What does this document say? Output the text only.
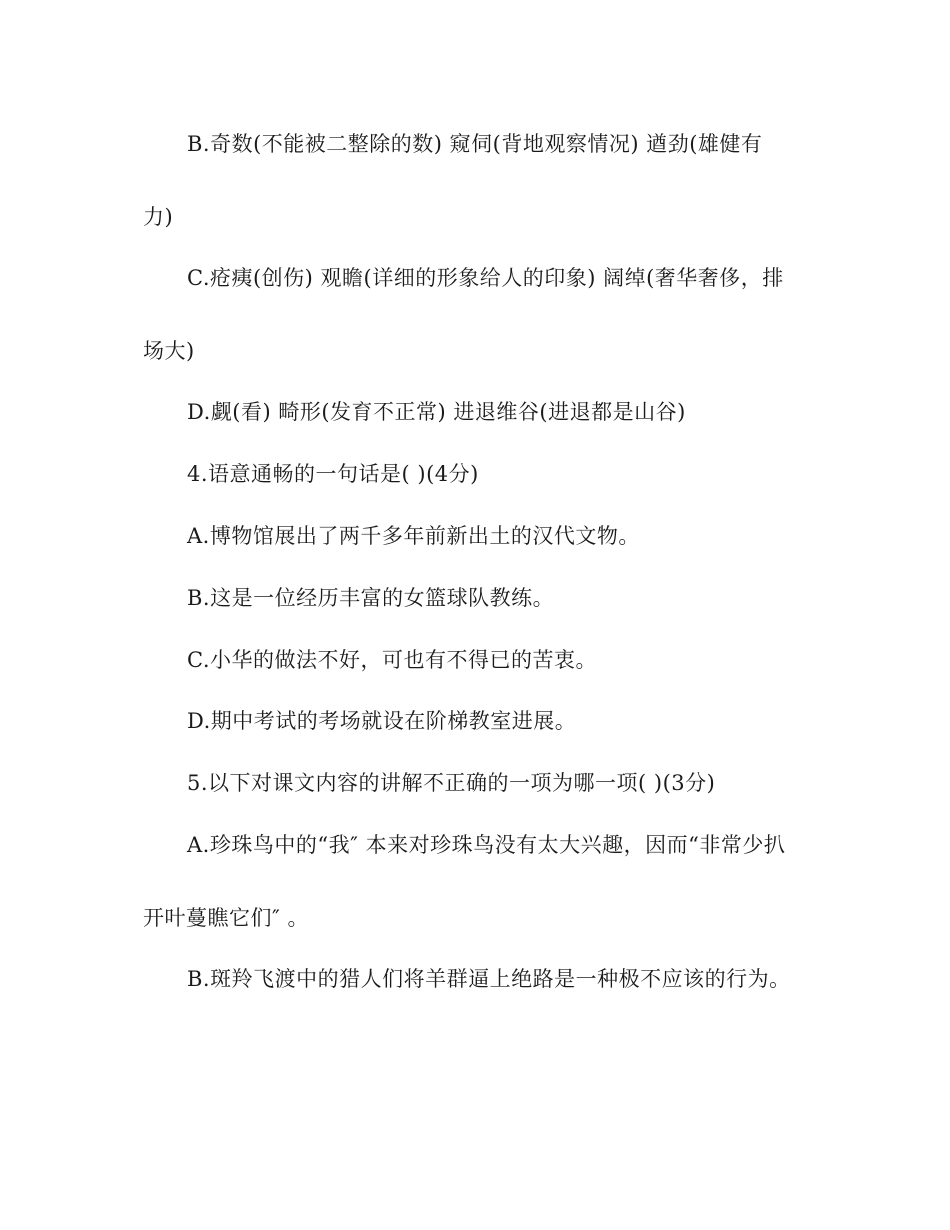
B.奇数(不能被二整除的数) 窥伺(背地观察情况) 遒劲(雄健有
力)
C.疮痍(创伤) 观瞻(详细的形象给人的印象) 阔绰(奢华奢侈，排
场大)
D.觑(看) 畸形(发育不正常) 进退维谷(进退都是山谷)
4.语意通畅的一句话是( )(4分)
A.博物馆展出了两千多年前新出土的汉代文物。
B.这是一位经历丰富的女篮球队教练。
C.小华的做法不好，可也有不得已的苦衷。
D.期中考试的考场就设在阶梯教室进展。
5.以下对课文内容的讲解不正确的一项为哪一项( )(3分)
A.珍珠鸟中的“我″ 本来对珍珠鸟没有太大兴趣，因而“非常少扒
开叶蔓瞧它们″ 。
B.斑羚飞渡中的猎人们将羊群逼上绝路是一种极不应该的行为。
